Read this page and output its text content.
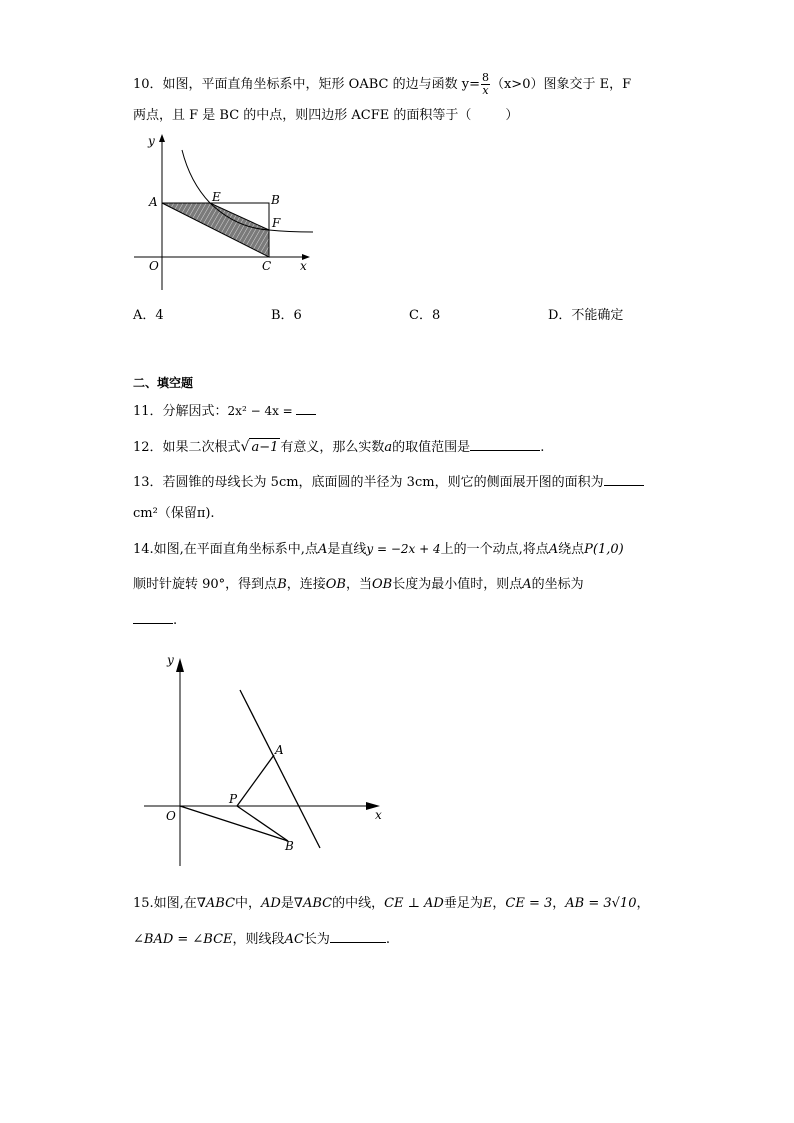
10．如图，平面直角坐标系中，矩形 OABC 的边与函数 $y= \frac{8}{x} (x>0)$图象交于 E，F
两点，且 F 是 BC 的中点，则四边形 ACFE 的面积等于（	）
y
x
O
A	E	B
F
C
A．4	B．6	C．8	D．不能确定
二、填空题
11．分解因式：2x² − 4x =
12．如果二次根式√ a−1 有意义，那么实数a的取值范围是	.
13．若圆锥的母线长为 5cm，底面圆的半径为 3cm，则它的侧面展开图的面积为
cm²（保留π).
14.如图,在平面直角坐标系中,点A是直线y = −2x + 4上的一个动点,将点A绕点P(1,0)
顺时针旋转 90°，得到点B，连接OB，当OB长度为最小值时，则点A的坐标为
.
y
x
O
A
P
B
15.如图,在∇ABC中，AD是∇ABC的中线，CE ⊥ AD垂足为E，CE = 3，AB = 3√10，
∠BAD = ∠BCE，则线段AC长为	.
